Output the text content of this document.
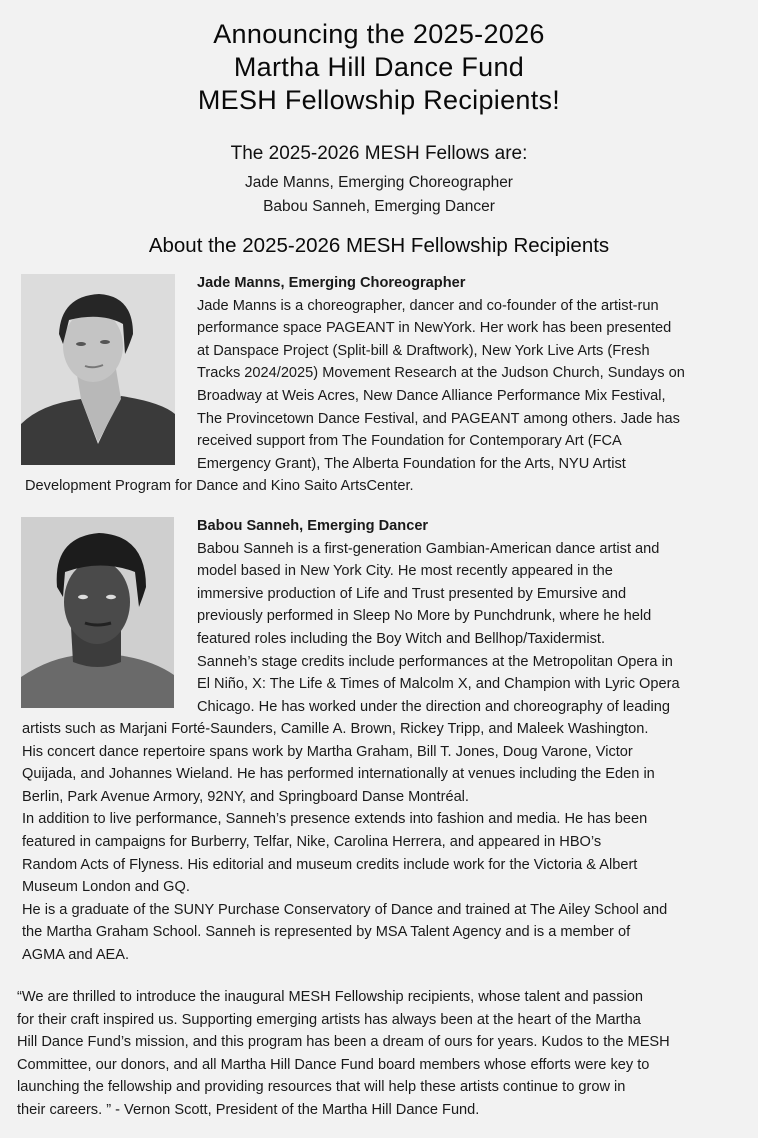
Announcing the 2025-2026
Martha Hill Dance Fund
MESH Fellowship Recipients!
The 2025-2026 MESH Fellows are:
Jade Manns, Emerging Choreographer
Babou Sanneh, Emerging Dancer
About the 2025-2026 MESH Fellowship Recipients
Jade Manns, Emerging Choreographer
Jade Manns is a choreographer, dancer and co-founder of the artist-run
performance space PAGEANT in NewYork. Her work has been presented
at Danspace Project (Split-bill & Draftwork), New York Live Arts (Fresh
Tracks 2024/2025) Movement Research at the Judson Church, Sundays on
Broadway at Weis Acres, New Dance Alliance Performance Mix Festival,
The Provincetown Dance Festival, and PAGEANT among others. Jade has
received support from The Foundation for Contemporary Art (FCA
Emergency Grant), The Alberta Foundation for the Arts, NYU Artist
Development Program for Dance and Kino Saito ArtsCenter.
Babou Sanneh, Emerging Dancer
Babou Sanneh is a first-generation Gambian-American dance artist and
model based in New York City. He most recently appeared in the
immersive production of Life and Trust presented by Emursive and
previously performed in Sleep No More by Punchdrunk, where he held
featured roles including the Boy Witch and Bellhop/Taxidermist.
Sanneh’s stage credits include performances at the Metropolitan Opera in
El Niño, X: The Life & Times of Malcolm X, and Champion with Lyric Opera
Chicago. He has worked under the direction and choreography of leading
artists such as Marjani Forté-Saunders, Camille A. Brown, Rickey Tripp, and Maleek Washington.
His concert dance repertoire spans work by Martha Graham, Bill T. Jones, Doug Varone, Victor
Quijada, and Johannes Wieland. He has performed internationally at venues including the Eden in
Berlin, Park Avenue Armory, 92NY, and Springboard Danse Montréal.
In addition to live performance, Sanneh’s presence extends into fashion and media. He has been
featured in campaigns for Burberry, Telfar, Nike, Carolina Herrera, and appeared in HBO’s
Random Acts of Flyness. His editorial and museum credits include work for the Victoria & Albert
Museum London and GQ.
He is a graduate of the SUNY Purchase Conservatory of Dance and trained at The Ailey School and
the Martha Graham School. Sanneh is represented by MSA Talent Agency and is a member of
AGMA and AEA.
“We are thrilled to introduce the inaugural MESH Fellowship recipients, whose talent and passion
for their craft inspired us. Supporting emerging artists has always been at the heart of the Martha
Hill Dance Fund’s mission, and this program has been a dream of ours for years. Kudos to the MESH
Committee, our donors, and all Martha Hill Dance Fund board members whose efforts were key to
launching the fellowship and providing resources that will help these artists continue to grow in
their careers. ” - Vernon Scott, President of the Martha Hill Dance Fund.
